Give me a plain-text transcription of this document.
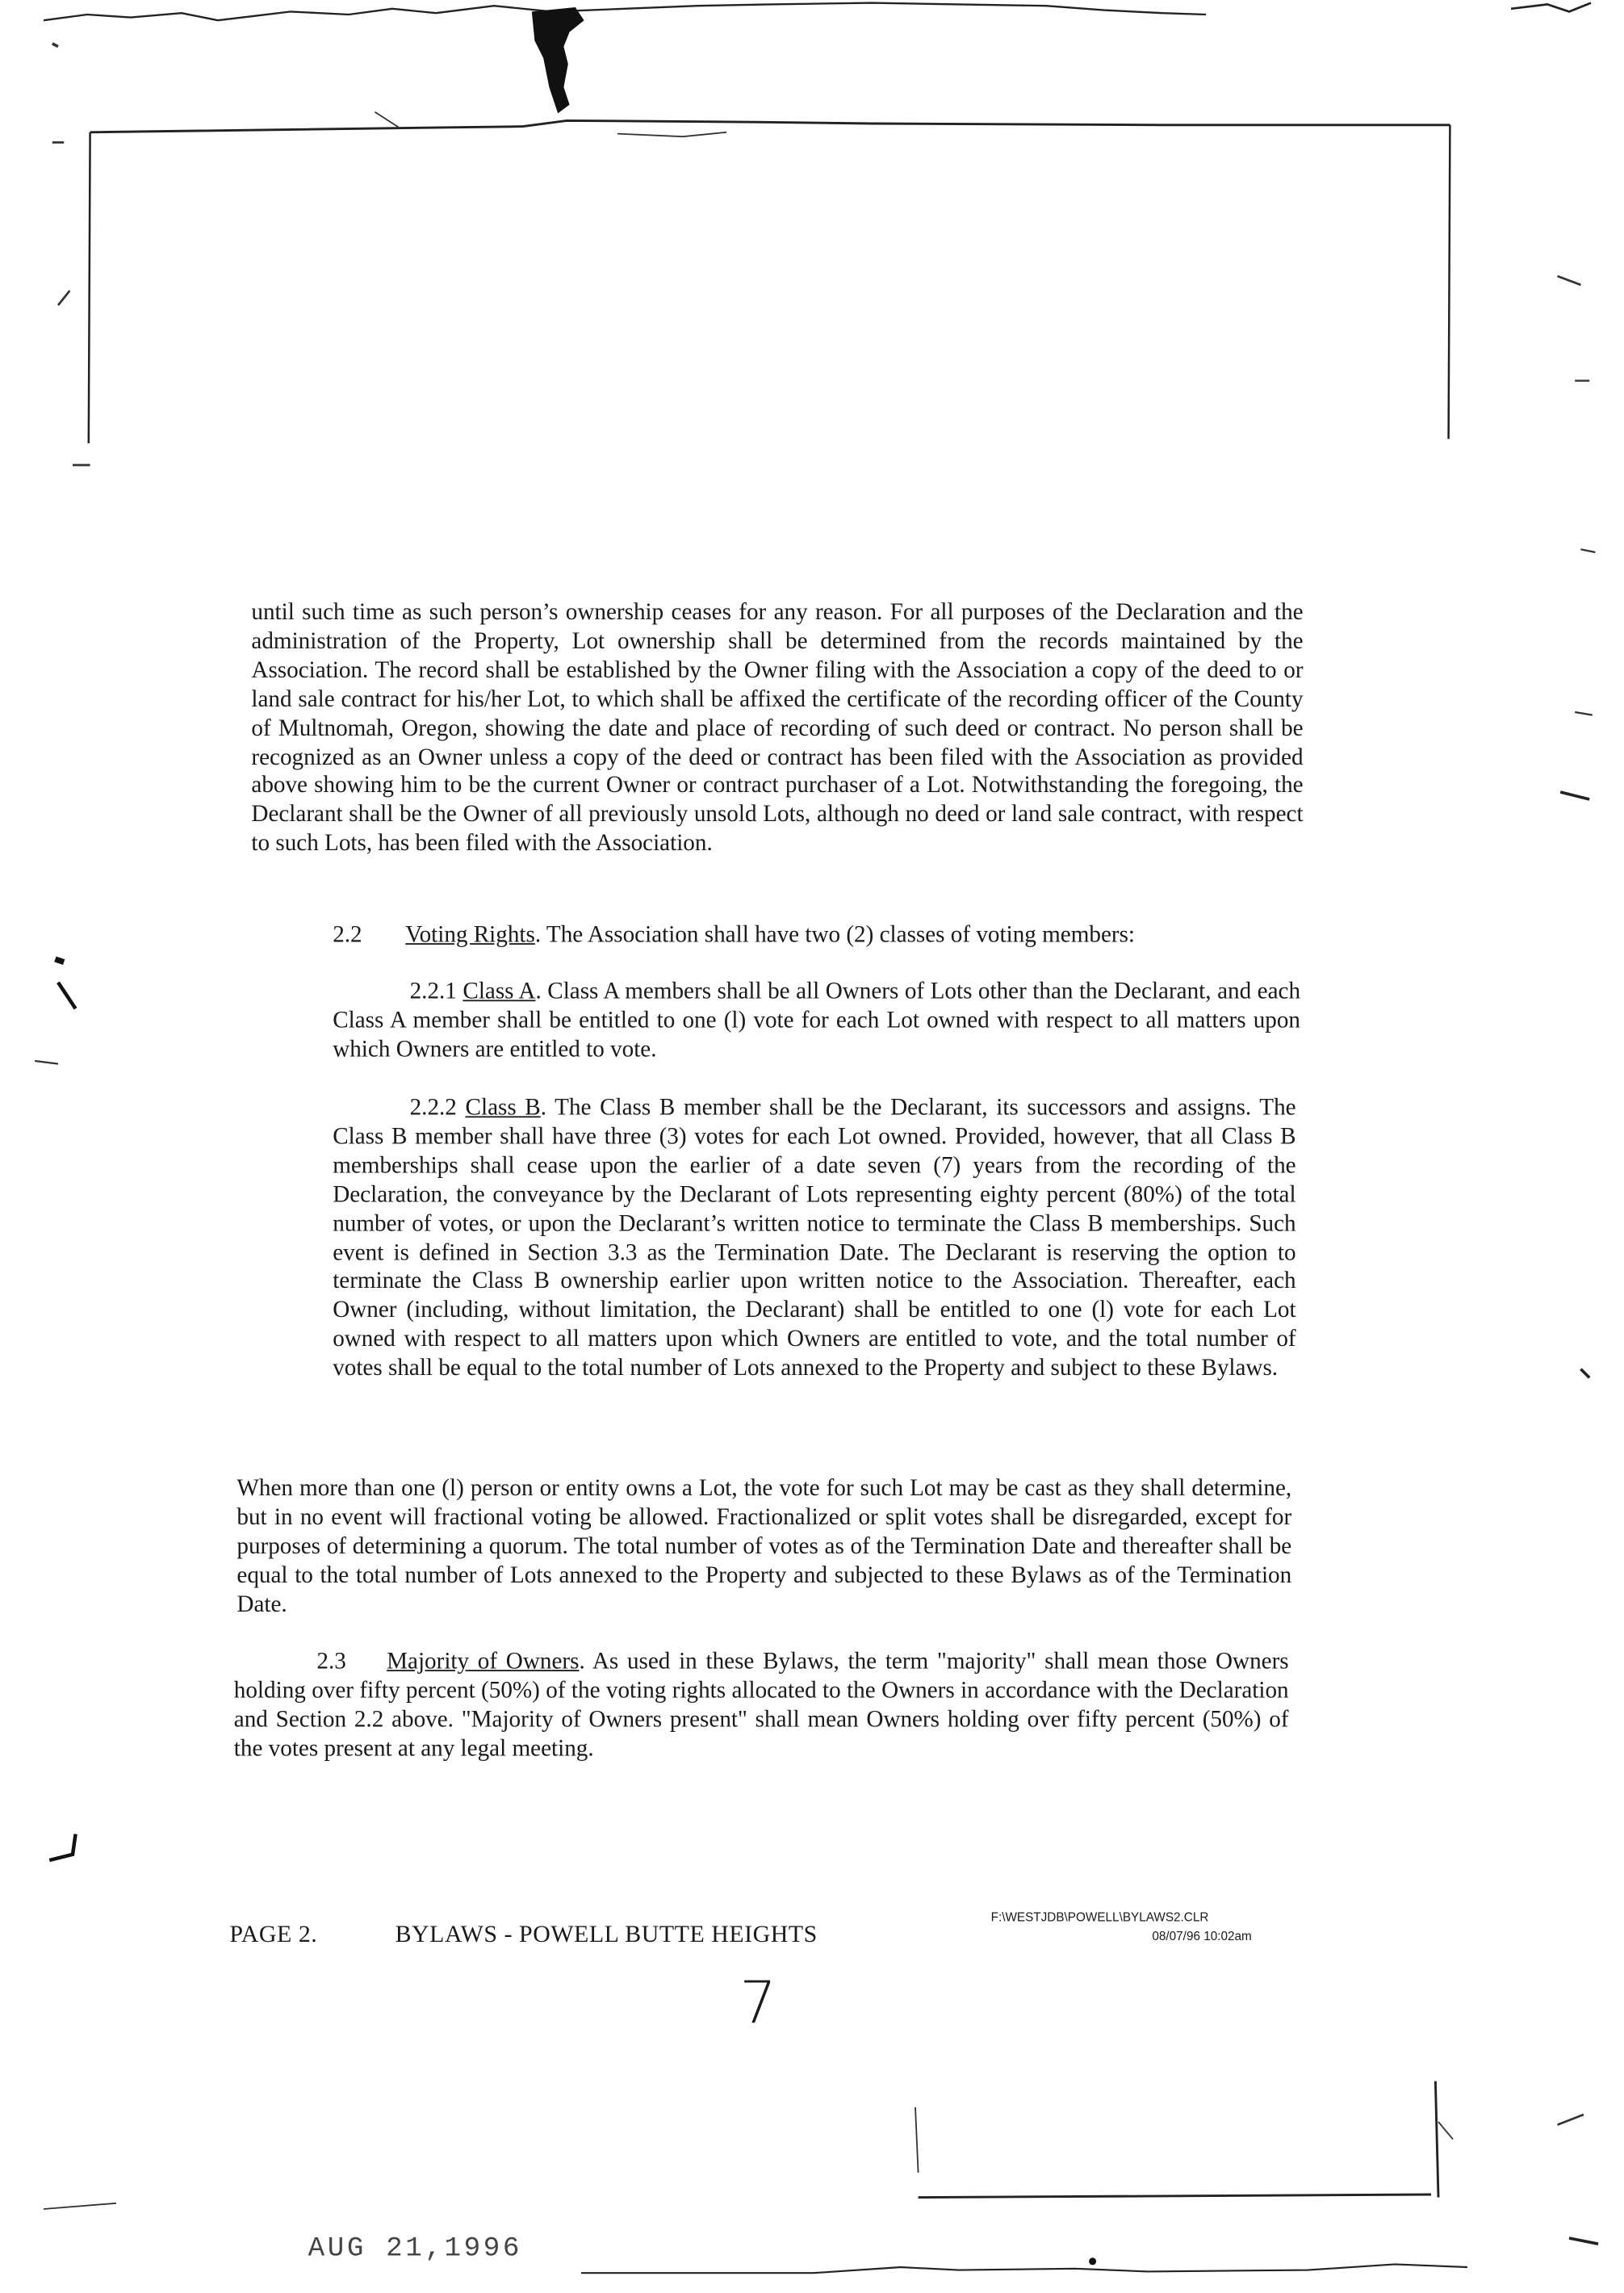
until such time as such person’s ownership ceases for any reason. For all purposes of the Declaration and the administration of the Property, Lot ownership shall be determined from the records maintained by the Association. The record shall be established by the Owner filing with the Association a copy of the deed to or land sale contract for his/her Lot, to which shall be affixed the certificate of the recording officer of the County of Multnomah, Oregon, showing the date and place of recording of such deed or contract. No person shall be recognized as an Owner unless a copy of the deed or contract has been filed with the Association as provided above showing him to be the current Owner or contract purchaser of a Lot. Notwithstanding the foregoing, the Declarant shall be the Owner of all previously unsold Lots, although no deed or land sale contract, with respect to such Lots, has been filed with the Association.

2.2	Voting Rights. The Association shall have two (2) classes of voting members:
2.2.1 Class A. Class A members shall be all Owners of Lots other than the Declarant, and each Class A member shall be entitled to one (l) vote for each Lot owned with respect to all matters upon which Owners are entitled to vote.
2.2.2 Class B. The Class B member shall be the Declarant, its successors and assigns. The Class B member shall have three (3) votes for each Lot owned. Provided, however, that all Class B memberships shall cease upon the earlier of a date seven (7) years from the recording of the Declaration, the conveyance by the Declarant of Lots representing eighty percent (80%) of the total number of votes, or upon the Declarant’s written notice to terminate the Class B memberships. Such event is defined in Section 3.3 as the Termination Date. The Declarant is reserving the option to terminate the Class B ownership earlier upon written notice to the Association. Thereafter, each Owner (including, without limitation, the Declarant) shall be entitled to one (l) vote for each Lot owned with respect to all matters upon which Owners are entitled to vote, and the total number of votes shall be equal to the total number of Lots annexed to the Property and subject to these Bylaws.

When more than one (l) person or entity owns a Lot, the vote for such Lot may be cast as they shall determine, but in no event will fractional voting be allowed. Fractionalized or split votes shall be disregarded, except for purposes of determining a quorum. The total number of votes as of the Termination Date and thereafter shall be equal to the total number of Lots annexed to the Property and subjected to these Bylaws as of the Termination Date.

2.3	Majority of Owners. As used in these Bylaws, the term "majority" shall mean those Owners holding over fifty percent (50%) of the voting rights allocated to the Owners in accordance with the Declaration and Section 2.2 above. "Majority of Owners present" shall mean Owners holding over fifty percent (50%) of the votes present at any legal meeting.
PAGE 2.	BYLAWS - POWELL BUTTE HEIGHTS
F:\WESTJDB\POWELL\BYLAWS2.CLR
08/07/96 10:02am
7
AUG 21,1996
